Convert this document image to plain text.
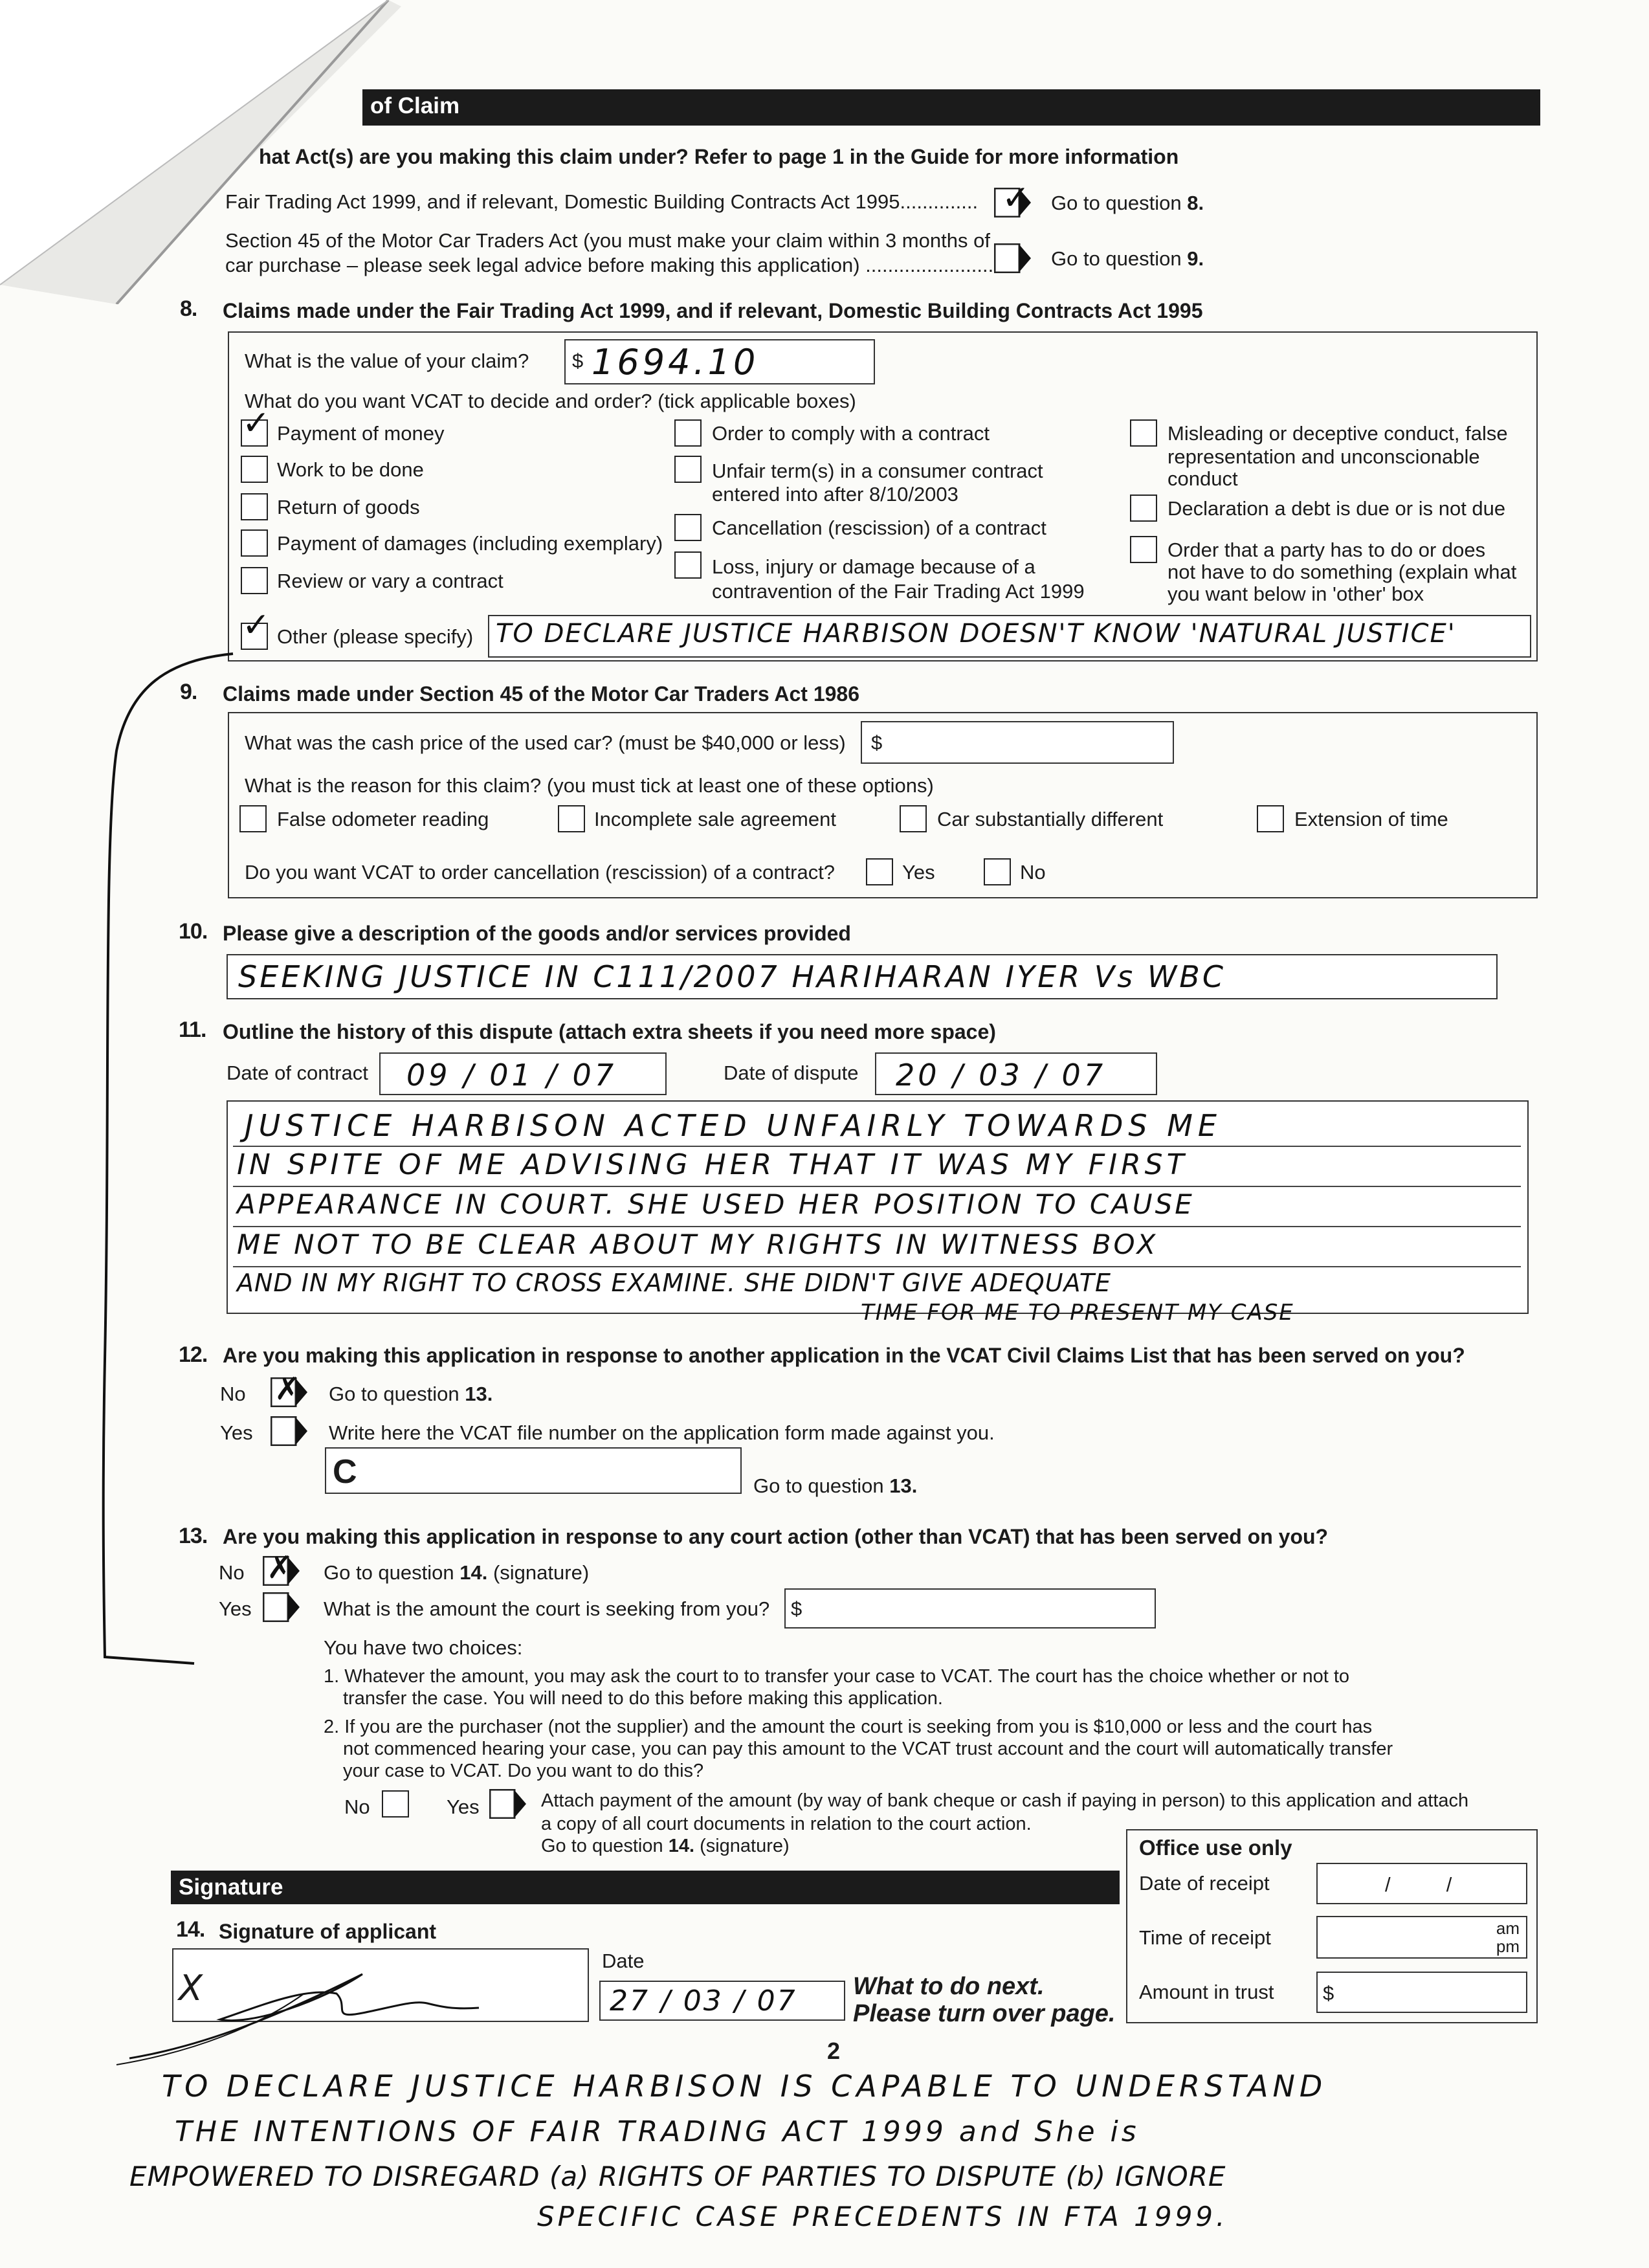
of Claim
hat Act(s) are you making this claim under? Refer to page 1 in the Guide for more information
Fair Trading Act 1999, and if relevant, Domestic Building Contracts Act 1995.............. ✓ Go to question 8.
Section 45 of the Motor Car Traders Act (you must make your claim within 3 months of
car purchase – please seek legal advice before making this application) .......................	Go to question 9.
8. Claims made under the Fair Trading Act 1999, and if relevant, Domestic Building Contracts Act 1995
What is the value of your claim? $ 1694.10
What do you want VCAT to decide and order? (tick applicable boxes)
✓ Payment of money
Work to be done
Return of goods
Payment of damages (including exemplary)
Review or vary a contract
Order to comply with a contract
Unfair term(s) in a consumer contract
entered into after 8/10/2003
Cancellation (rescission) of a contract
Loss, injury or damage because of a
contravention of the Fair Trading Act 1999
Misleading or deceptive conduct, false
representation and unconscionable
conduct
Declaration a debt is due or is not due
Order that a party has to do or does
not have to do something (explain what
you want below in 'other' box
✓ Other (please specify) TO DECLARE JUSTICE HARBISON DOESN'T KNOW 'NATURAL JUSTICE'
9. Claims made under Section 45 of the Motor Car Traders Act 1986
What was the cash price of the used car? (must be $40,000 or less) $
What is the reason for this claim? (you must tick at least one of these options)
False odometer reading	Incomplete sale agreement	Car substantially different	Extension of time
Do you want VCAT to order cancellation (rescission) of a contract?	Yes	No
10. Please give a description of the goods and/or services provided
SEEKING JUSTICE IN C111/2007 HARIHARAN IYER Vs WBC
11. Outline the history of this dispute (attach extra sheets if you need more space)
Date of contract 09 / 01 / 07	Date of dispute 20 / 03 / 07
JUSTICE HARBISON ACTED UNFAIRLY TOWARDS ME
IN SPITE OF ME ADVISING HER THAT IT WAS MY FIRST
APPEARANCE IN COURT. SHE USED HER POSITION TO CAUSE
ME NOT TO BE CLEAR ABOUT MY RIGHTS IN WITNESS BOX
AND IN MY RIGHT TO CROSS EXAMINE. SHE DIDN'T GIVE ADEQUATE
TIME FOR ME TO PRESENT MY CASE
12. Are you making this application in response to another application in the VCAT Civil Claims List that has been served on you?
No ✗ Go to question 13.
Yes	Write here the VCAT file number on the application form made against you.
C	Go to question 13.
13. Are you making this application in response to any court action (other than VCAT) that has been served on you?
No ✗ Go to question 14. (signature)
Yes	What is the amount the court is seeking from you? $
You have two choices:
1. Whatever the amount, you may ask the court to to transfer your case to VCAT. The court has the choice whether or not to
transfer the case. You will need to do this before making this application.
2. If you are the purchaser (not the supplier) and the amount the court is seeking from you is $10,000 or less and the court has
not commenced hearing your case, you can pay this amount to the VCAT trust account and the court will automatically transfer
your case to VCAT. Do you want to do this?
No	Yes	Attach payment of the amount (by way of bank cheque or cash if paying in person) to this application and attach
a copy of all court documents in relation to the court action.
Go to question 14. (signature)	Office use only
Date of receipt	/          /
Time of receipt	am
pm
Amount in trust $
Signature
14. Signature of applicant
X
Date
27 / 03 / 07 What to do next.
Please turn over page.
2
TO DECLARE JUSTICE HARBISON IS CAPABLE TO UNDERSTAND
THE INTENTIONS OF FAIR TRADING ACT 1999 and She is
EMPOWERED TO DISREGARD (a) RIGHTS OF PARTIES TO DISPUTE (b) IGNORE
SPECIFIC CASE PRECEDENTS IN FTA 1999.
